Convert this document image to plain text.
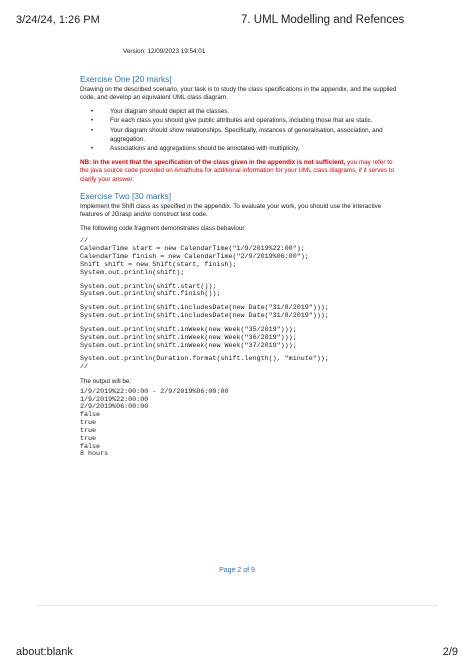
3/24/24, 1:26 PM	7. UML Modelling and Refences
Version: 12/09/2023 19:54:01
Exercise One [20 marks]
Drawing on the described scenario, your task is to study the class specifications in the appendix, and the supplied code, and develop an equivalent UML class diagram.
•	Your diagram should depict all the classes.
•	For each class you should give public attributes and operations, including those that are static.
•	Your diagram should show relationships. Specifically, instances of generalisation, association, and aggregation.
•	Associations and aggregations should be annotated with multiplicity.
NB: In the event that the specification of the class given in the appendix is not sufficient, you may refer to the java source code provided on Amathuba for additional information for your UML class diagrams, if it serves to clarify your answer.
Exercise Two [30 marks]
Implement the Shift class as specified in the appendix. To evaluate your work, you should use the interactive features of JGrasp and/or construct test code.
The following code fragment demonstrates class behaviour:
//
CalendarTime start = new CalendarTime("1/9/2019%22:00");
CalendarTime finish = new CalendarTime("2/9/2019%06:00");
Shift shift = new Shift(start, finish);
System.out.println(shift);
System.out.println(shift.start());
System.out.println(shift.finish());
System.out.println(shift.includesDate(new Date("31/8/2019")));
System.out.println(shift.includesDate(new Date("31/8/2019")));
System.out.println(shift.inWeek(new Week("35/2019")));
System.out.println(shift.inWeek(new Week("36/2019")));
System.out.println(shift.inWeek(new Week("37/2019")));
System.out.println(Duration.format(shift.length(), "minute"));
//
The output will be:
1/9/2019%22:00:00 - 2/9/2019%06:00:00
1/9/2019%22:00:00
2/9/2019%06:00:00
false
true
true
true
false
8 hours
Page 2 of 9
about:blank	2/9
